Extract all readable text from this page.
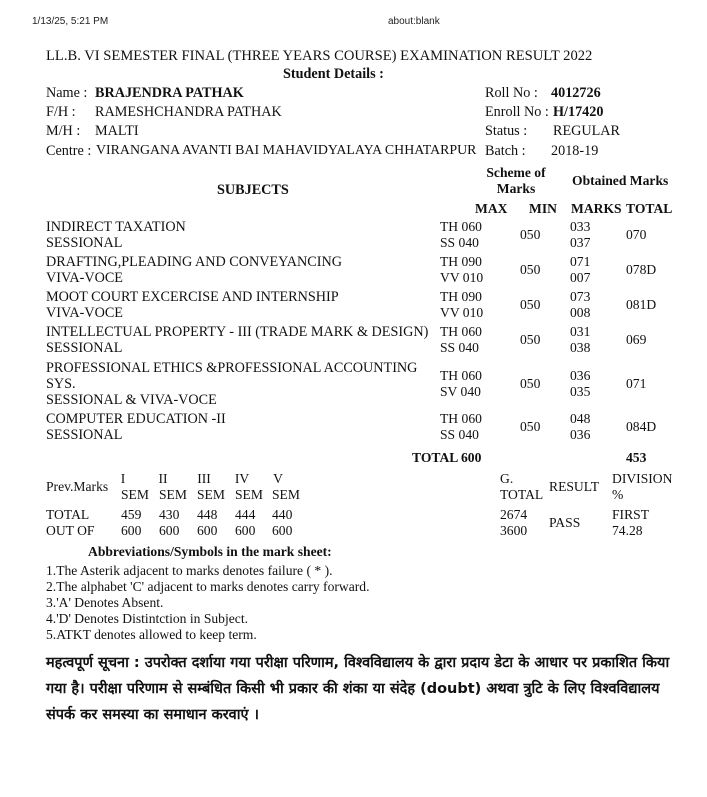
1/13/25, 5:21 PM	about:blank
LL.B. VI SEMESTER FINAL (THREE YEARS COURSE) EXAMINATION RESULT 2022
Student Details :
Name : BRAJENDRA PATHAK
F/H : RAMESHCHANDRA PATHAK
M/H : MALTI
Centre : VIRANGANA AVANTI BAI MAHAVIDYALAYA CHHATARPUR
Roll No : 4012726
Enroll No : H/17420
Status : REGULAR
Batch : 2018-19
SUBJECTS
Scheme of
Marks
Obtained Marks
MAX MIN MARKS TOTAL
INDIRECT TAXATION
SESSIONAL
TH 060
SS 040
050
033
037
070
DRAFTING,PLEADING AND CONVEYANCING
VIVA-VOCE
TH 090
VV 010
050
071
007
078D
MOOT COURT EXCERCISE AND INTERNSHIP
VIVA-VOCE
TH 090
VV 010
050
073
008
081D
INTELLECTUAL PROPERTY - III (TRADE MARK & DESIGN)
SESSIONAL
TH 060
SS 040
050
031
038
069
PROFESSIONAL ETHICS &PROFESSIONAL ACCOUNTING
SYS.
SESSIONAL & VIVA-VOCE
TH 060
SV 040
050
036
035
071
COMPUTER EDUCATION -II
SESSIONAL
TH 060
SS 040
050
048
036
084D
TOTAL 600	453
Prev.Marks
I
SEM
II
SEM
III
SEM
IV
SEM
V
SEM
TOTAL
OUT OF
459
600
430
600
448
600
444
600
440
600
G.
TOTAL
RESULT
DIVISION
%
2674
3600
PASS
FIRST
74.28
Abbreviations/Symbols in the mark sheet:
1.The Asterik adjacent to marks denotes failure ( * ).
2.The alphabet 'C' adjacent to marks denotes carry forward.
3.'A' Denotes Absent.
4.'D' Denotes Distintction in Subject.
5.ATKT denotes allowed to keep term.
महत्वपूर्ण सूचना : उपरोक्त दर्शाया गया परीक्षा परिणाम, विश्वविद्यालय के द्वारा प्रदाय डेटा के आधार पर प्रकाशित किया गया है। परीक्षा परिणाम से सम्बंधित किसी भी प्रकार की शंका या संदेह (doubt) अथवा त्रुटि के लिए विश्वविद्यालय संपर्क कर समस्या का समाधान करवाएं ।
